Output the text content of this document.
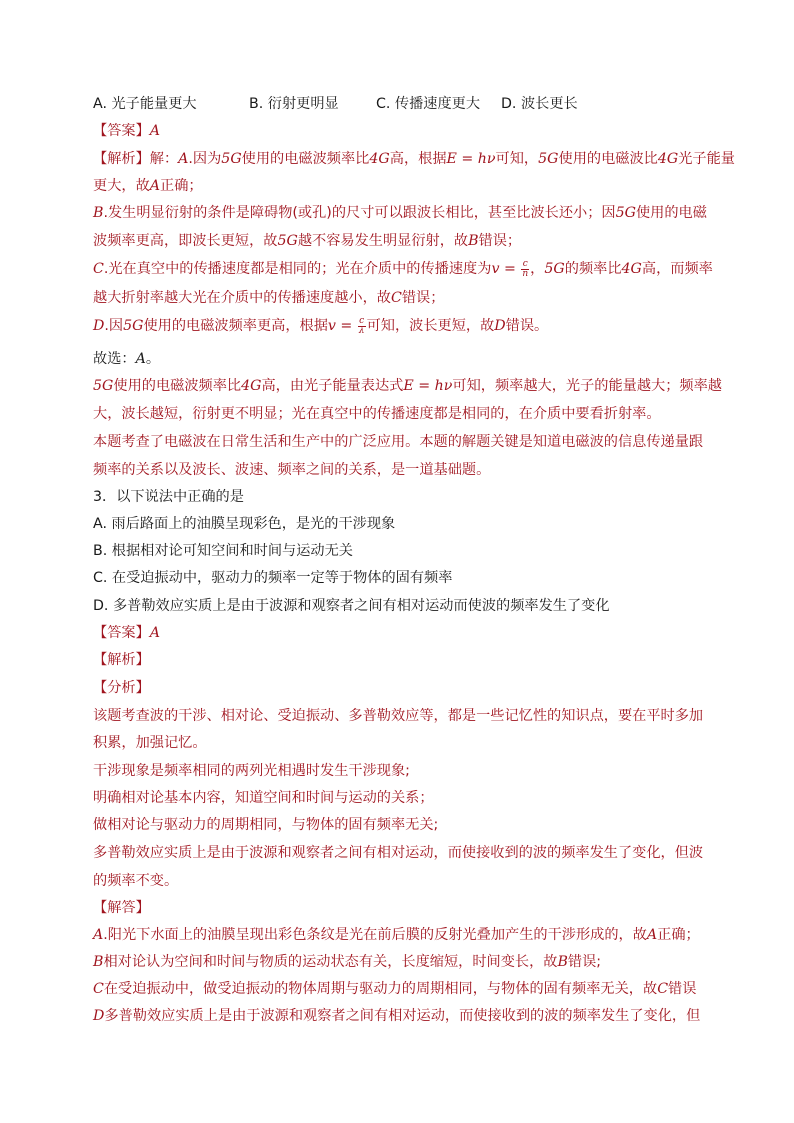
A. 光子能量更大	B. 衍射更明显	C. 传播速度更大 D. 波长更长
【答案】A
【解析】解：A.因为5G使用的电磁波频率比4G高，根据E = hν可知，5G使用的电磁波比4G光子能量
更大，故A正确；
B.发生明显衍射的条件是障碍物(或孔)的尺寸可以跟波长相比，甚至比波长还小；因5G使用的电磁
波频率更高，即波长更短，故5G越不容易发生明显衍射，故B错误；
C.光在真空中的传播速度都是相同的；光在介质中的传播速度为$v = \frac{c}{n}$ ，5G的频率比4G高，而频率
越大折射率越大光在介质中的传播速度越小，故C错误；
D.因5G使用的电磁波频率更高，根据$v = \frac{c}{\lambda}$ 可知，波长更短，故D错误。
故选：A。
5G使用的电磁波频率比4G高，由光子能量表达式E = hν可知，频率越大，光子的能量越大；频率越
大，波长越短，衍射更不明显；光在真空中的传播速度都是相同的，在介质中要看折射率。
本题考查了电磁波在日常生活和生产中的广泛应用。本题的解题关键是知道电磁波的信息传递量跟
频率的关系以及波长、波速、频率之间的关系，是一道基础题。
3．以下说法中正确的是
A. 雨后路面上的油膜呈现彩色，是光的干涉现象
B. 根据相对论可知空间和时间与运动无关
C. 在受迫振动中，驱动力的频率一定等于物体的固有频率
D. 多普勒效应实质上是由于波源和观察者之间有相对运动而使波的频率发生了变化
【答案】A
【解析】
【分析】
该题考查波的干涉、相对论、受迫振动、多普勒效应等，都是一些记忆性的知识点，要在平时多加
积累，加强记忆。
干涉现象是频率相同的两列光相遇时发生干涉现象;
明确相对论基本内容，知道空间和时间与运动的关系；
做相对论与驱动力的周期相同，与物体的固有频率无关;
多普勒效应实质上是由于波源和观察者之间有相对运动，而使接收到的波的频率发生了变化，但波
的频率不变。
【解答】
A.阳光下水面上的油膜呈现出彩色条纹是光在前后膜的反射光叠加产生的干涉形成的，故A正确；
B相对论认为空间和时间与物质的运动状态有关，长度缩短，时间变长，故B错误;
C在受迫振动中，做受迫振动的物体周期与驱动力的周期相同，与物体的固有频率无关，故C错误
D多普勒效应实质上是由于波源和观察者之间有相对运动，而使接收到的波的频率发生了变化，但
